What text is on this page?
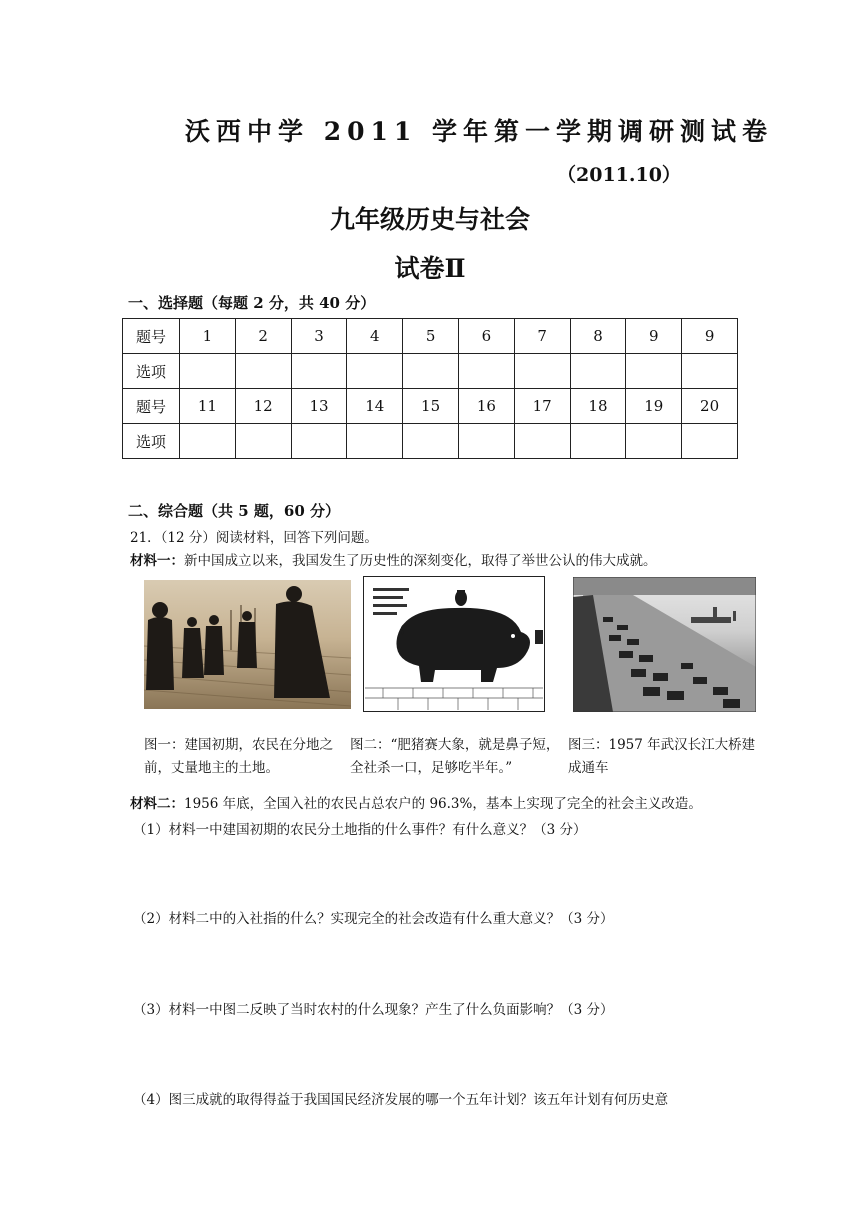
沃西中学 2011 学年第一学期调研测试卷
（2011.10）
九年级历史与社会
试卷Ⅱ
一、选择题（每题 2 分，共 40 分）
题号	1	2	3	4	5	6	7	8	9	9
选项										
题号	11	12	13	14	15	16	17	18	19	20
选项										
二、综合题（共 5 题，60 分）
21．（12 分）阅读材料，回答下列问题。
材料一：新中国成立以来，我国发生了历史性的深刻变化，取得了举世公认的伟大成就。
图一：建国初期，农民在分地之前，丈量地主的土地。
图二：“肥猪赛大象，就是鼻子短，全社杀一口，足够吃半年。”
图三：1957 年武汉长江大桥建成通车
材料二：1956 年底，全国入社的农民占总农户的 96.3%，基本上实现了完全的社会主义改造。
（1）材料一中建国初期的农民分土地指的什么事件？有什么意义？（3 分）
（2）材料二中的入社指的什么？实现完全的社会改造有什么重大意义？（3 分）
（3）材料一中图二反映了当时农村的什么现象？产生了什么负面影响？（3 分）
（4）图三成就的取得得益于我国国民经济发展的哪一个五年计划？该五年计划有何历史意
